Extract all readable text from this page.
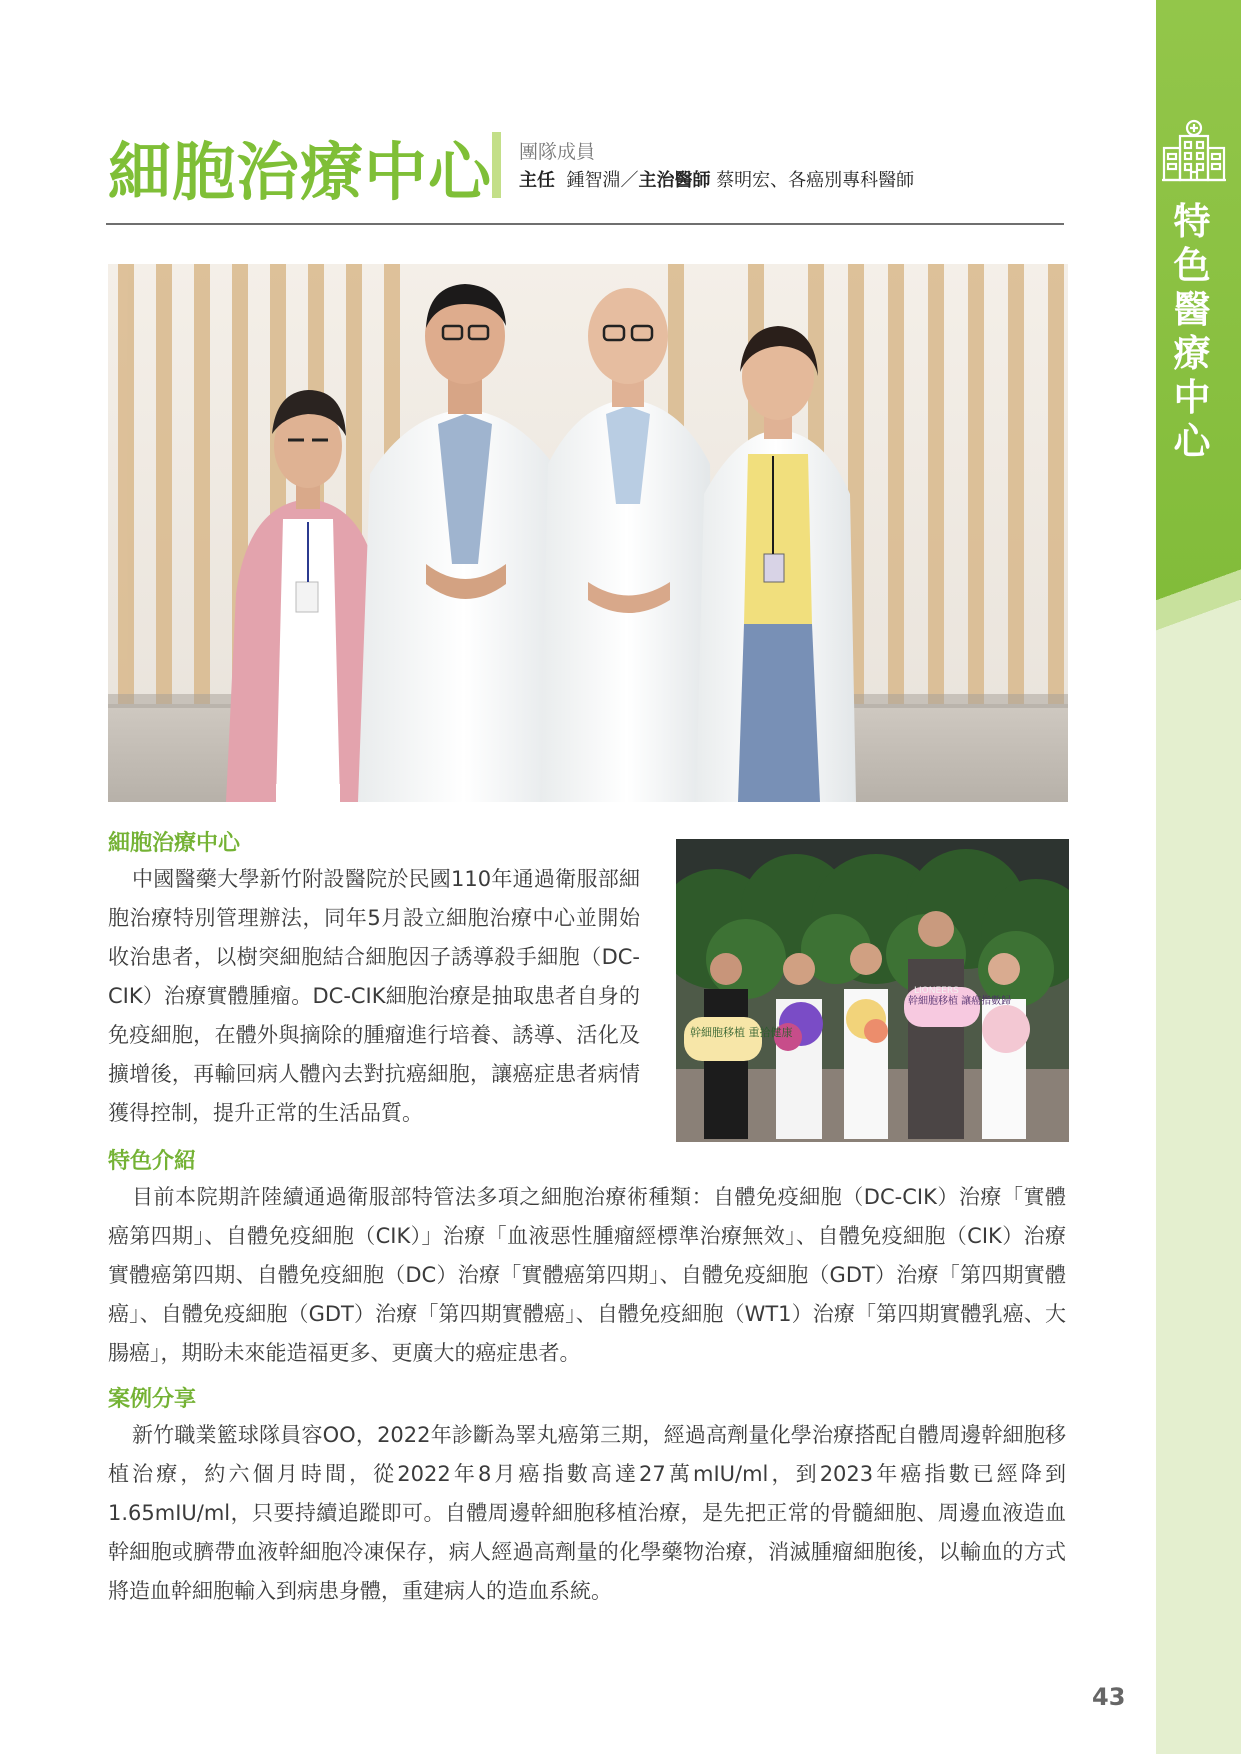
特色醫療中心
細胞治療中心 團隊成員
主任 鍾智淵／主治醫師 蔡明宏、各癌別專科醫師
幹細胞移植 重拾健康
幹細胞移植 讓癌指數歸
LIONEERS
細胞治療中心

中國醫藥大學新竹附設醫院於民國110年通過衛服部細胞治療特別管理辦法，同年5月設立細胞治療中心並開始收治患者，以樹突細胞結合細胞因子誘導殺手細胞（DC-CIK）治療實體腫瘤。DC-CIK細胞治療是抽取患者自身的免疫細胞，在體外與摘除的腫瘤進行培養、誘導、活化及擴增後，再輸回病人體內去對抗癌細胞，讓癌症患者病情獲得控制，提升正常的生活品質。

特色介紹

目前本院期許陸續通過衛服部特管法多項之細胞治療術種類：自體免疫細胞（DC-CIK）治療「實體癌第四期」、自體免疫細胞（CIK）」治療「血液惡性腫瘤經標準治療無效」、自體免疫細胞（CIK）治療實體癌第四期、自體免疫細胞（DC）治療「實體癌第四期」、自體免疫細胞（GDT）治療「第四期實體癌」、自體免疫細胞（GDT）治療「第四期實體癌」、自體免疫細胞（WT1）治療「第四期實體乳癌、大腸癌」，期盼未來能造福更多、更廣大的癌症患者。

案例分享

新竹職業籃球隊員容OO，2022年診斷為睪丸癌第三期，經過高劑量化學治療搭配自體周邊幹細胞移植治療，約六個月時間，從2022年8月癌指數高達27萬mIU/ml，到2023年癌指數已經降到1.65mIU/ml，只要持續追蹤即可。自體周邊幹細胞移植治療，是先把正常的骨髓細胞、周邊血液造血幹細胞或臍帶血液幹細胞冷凍保存，病人經過高劑量的化學藥物治療，消滅腫瘤細胞後，以輸血的方式將造血幹細胞輸入到病患身體，重建病人的造血系統。

43
